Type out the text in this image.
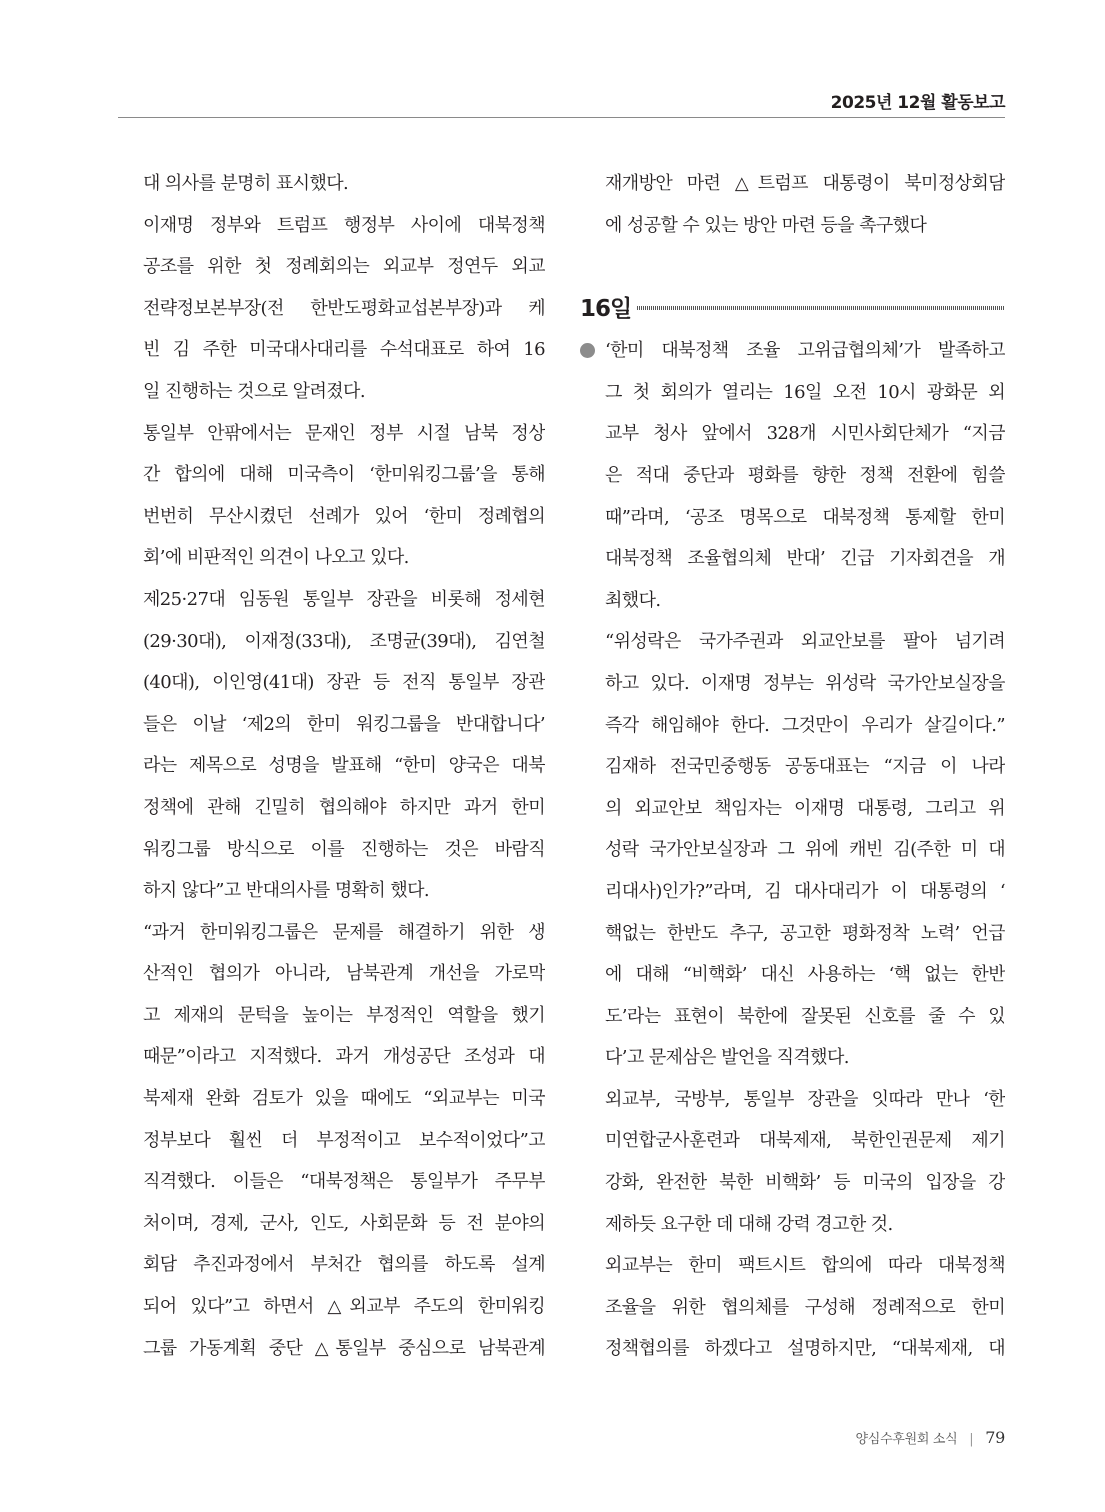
2025년 12월 활동보고
대 의사를 분명히 표시했다.
이재명 정부와 트럼프 행정부 사이에 대북정책
공조를 위한 첫 정례회의는 외교부 정연두 외교
전략정보본부장(전 한반도평화교섭본부장)과 케
빈 김 주한 미국대사대리를 수석대표로 하여 16
일 진행하는 것으로 알려졌다.
통일부 안팎에서는 문재인 정부 시절 남북 정상
간 합의에 대해 미국측이 ‘한미워킹그룹’을 통해
번번히 무산시켰던 선례가 있어 ‘한미 정례협의
회’에 비판적인 의견이 나오고 있다.
제25·27대 임동원 통일부 장관을 비롯해 정세현
(29·30대), 이재정(33대), 조명균(39대), 김연철
(40대), 이인영(41대) 장관 등 전직 통일부 장관
들은 이날 ‘제2의 한미 워킹그룹을 반대합니다’
라는 제목으로 성명을 발표해 “한미 양국은 대북
정책에 관해 긴밀히 협의해야 하지만 과거 한미
워킹그룹 방식으로 이를 진행하는 것은 바람직
하지 않다”고 반대의사를 명확히 했다.
“과거 한미워킹그룹은 문제를 해결하기 위한 생
산적인 협의가 아니라, 남북관계 개선을 가로막
고 제재의 문턱을 높이는 부정적인 역할을 했기
때문”이라고 지적했다. 과거 개성공단 조성과 대
북제재 완화 검토가 있을 때에도 “외교부는 미국
정부보다 훨씬 더 부정적이고 보수적이었다”고
직격했다. 이들은 “대북정책은 통일부가 주무부
처이며, 경제, 군사, 인도, 사회문화 등 전 분야의
회담 추진과정에서 부처간 협의를 하도록 설계
되어 있다”고 하면서 △외교부 주도의 한미워킹
그룹 가동계획 중단 △통일부 중심으로 남북관계
재개방안 마련 △트럼프 대통령이 북미정상회담
에 성공할 수 있는 방안 마련 등을 촉구했다
16일
‘한미 대북정책 조율 고위급협의체’가 발족하고
그 첫 회의가 열리는 16일 오전 10시 광화문 외
교부 청사 앞에서 328개 시민사회단체가 “지금
은 적대 중단과 평화를 향한 정책 전환에 힘쓸
때”라며, ‘공조 명목으로 대북정책 통제할 한미
대북정책 조율협의체 반대’ 긴급 기자회견을 개
최했다.
“위성락은 국가주권과 외교안보를 팔아 넘기려
하고 있다. 이재명 정부는 위성락 국가안보실장을
즉각 해임해야 한다. 그것만이 우리가 살길이다.”
김재하 전국민중행동 공동대표는 “지금 이 나라
의 외교안보 책임자는 이재명 대통령, 그리고 위
성락 국가안보실장과 그 위에 캐빈 김(주한 미 대
리대사)인가?”라며, 김 대사대리가 이 대통령의 ‘
핵없는 한반도 추구, 공고한 평화정착 노력’ 언급
에 대해 “비핵화’ 대신 사용하는 ‘핵 없는 한반
도’라는 표현이 북한에 잘못된 신호를 줄 수 있
다’고 문제삼은 발언을 직격했다.
외교부, 국방부, 통일부 장관을 잇따라 만나 ‘한
미연합군사훈련과 대북제재, 북한인권문제 제기
강화, 완전한 북한 비핵화’ 등 미국의 입장을 강
제하듯 요구한 데 대해 강력 경고한 것.
외교부는 한미 팩트시트 합의에 따라 대북정책
조율을 위한 협의체를 구성해 정례적으로 한미
정책협의를 하겠다고 설명하지만, “대북제재, 대
양심수후원회 소식 | 79
